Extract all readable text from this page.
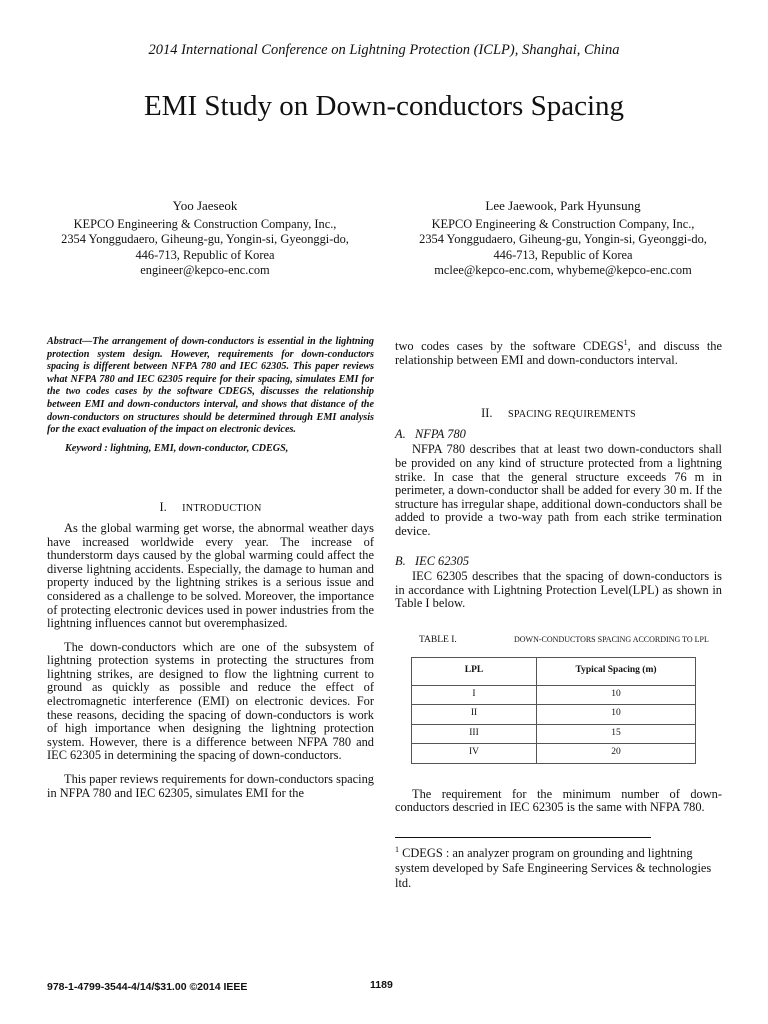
2014 International Conference on Lightning Protection (ICLP), Shanghai, China
EMI Study on Down-conductors Spacing
Yoo Jaeseok
KEPCO Engineering & Construction Company, Inc.,
2354 Yonggudaero, Giheung-gu, Yongin-si, Gyeonggi-do,
446-713, Republic of Korea
engineer@kepco-enc.com
Lee Jaewook, Park Hyunsung
KEPCO Engineering & Construction Company, Inc.,
2354 Yonggudaero, Giheung-gu, Yongin-si, Gyeonggi-do,
446-713, Republic of Korea
mclee@kepco-enc.com, whybeme@kepco-enc.com

Abstract—The arrangement of down-conductors is essential in the lightning protection system design. However, requirements for down-conductors spacing is different between NFPA 780 and IEC 62305. This paper reviews what NFPA 780 and IEC 62305 require for their spacing, simulates EMI for the two codes cases by the software CDEGS, discusses the relationship between EMI and down-conductors interval, and shows that distance of the down-conductors on structures should be determined through EMI analysis for the exact evaluation of the impact on electronic devices.

Keyword : lightning, EMI, down-conductor, CDEGS,

I. INTRODUCTION

As the global warming get worse, the abnormal weather days have increased worldwide every year. The increase of thunderstorm days caused by the global warming could affect the diverse lightning accidents. Especially, the damage to human and property induced by the lightning strikes is a serious issue and considered as a challenge to be solved. Moreover, the importance of protecting electronic devices used in power industries from the lightning influences cannot but overemphasized.

The down-conductors which are one of the subsystem of lightning protection systems in protecting the structures from lightning strikes, are designed to flow the lightning current to ground as quickly as possible and reduce the effect of electromagnetic interference (EMI) on electronic devices. For these reasons, deciding the spacing of down-conductors is work of high importance when designing the lightning protection system. However, there is a difference between NFPA 780 and IEC 62305 in determining the spacing of down-conductors.

This paper reviews requirements for down-conductors spacing in NFPA 780 and IEC 62305, simulates EMI for the

two codes cases by the software CDEGS$^1$, and discuss the relationship between EMI and down-conductors interval.

II. SPACING REQUIREMENTS
A. NFPA 780

NFPA 780 describes that at least two down-conductors shall be provided on any kind of structure protected from a lightning strike. In case that the general structure exceeds 76 m in perimeter, a down-conductor shall be added for every 30 m. If the structure has irregular shape, additional down-conductors shall be added to provide a two-way path from each strike termination device.

B. IEC 62305

IEC 62305 describes that the spacing of down-conductors is in accordance with Lightning Protection Level(LPL) as shown in Table I below.

TABLE I.	DOWN-CONDUCTORS SPACING ACCORDING TO LPL
LPL	Typical Spacing (m)
I	10
II	10
III	15
IV	20

The requirement for the minimum number of down-conductors descried in IEC 62305 is the same with NFPA 780.

$^1$ CDEGS : an analyzer program on grounding and lightning system developed by Safe Engineering Services & technologies ltd.

978-1-4799-3544-4/14/$31.00 ©2014 IEEE	1189
